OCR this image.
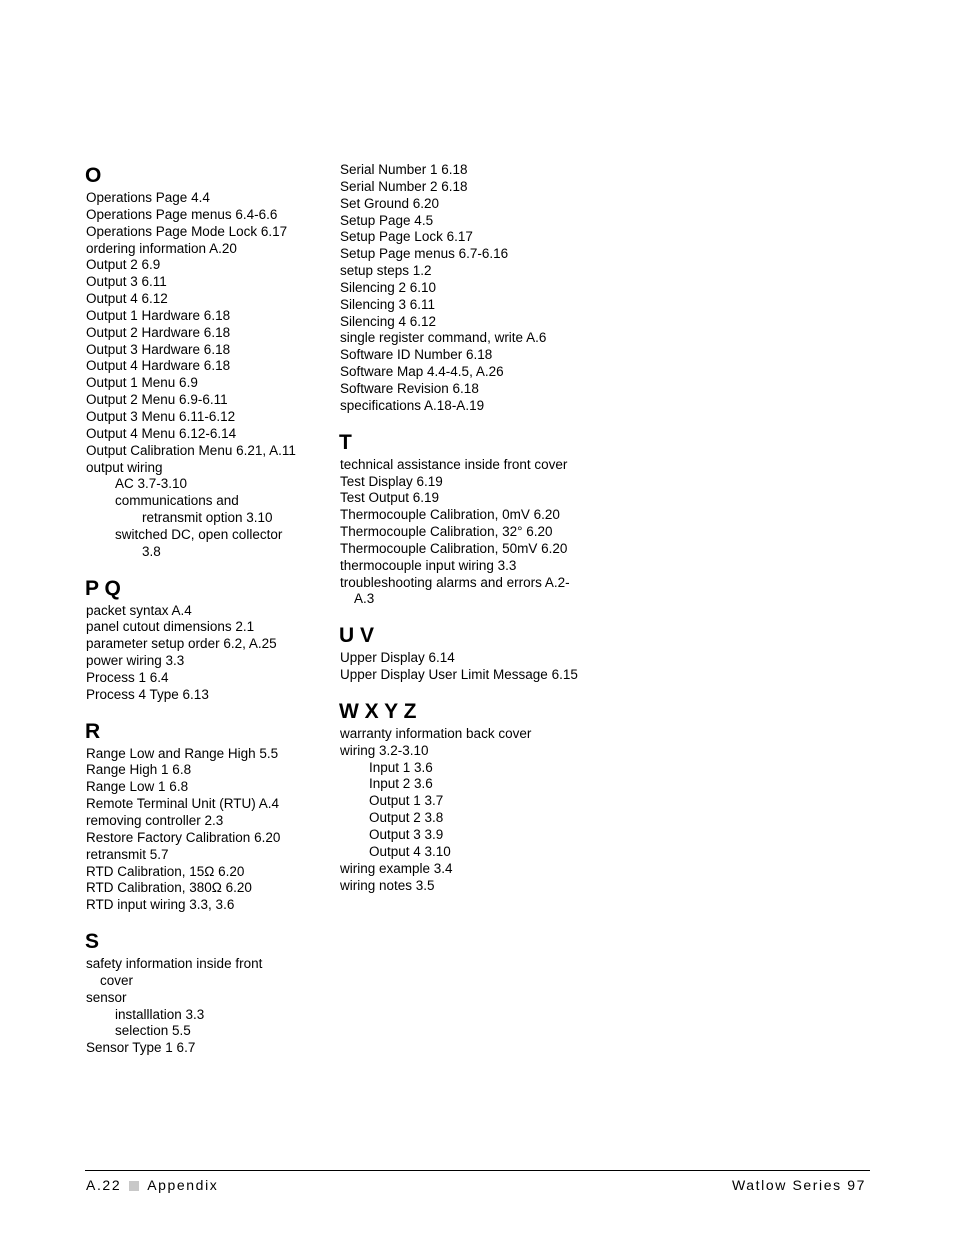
O
Operations Page 4.4
Operations Page menus 6.4-6.6
Operations Page Mode Lock 6.17
ordering information A.20
Output 2 6.9
Output 3 6.11
Output 4 6.12
Output 1 Hardware 6.18
Output 2 Hardware 6.18
Output 3 Hardware 6.18
Output 4 Hardware 6.18
Output 1 Menu 6.9
Output 2 Menu 6.9-6.11
Output 3 Menu 6.11-6.12
Output 4 Menu 6.12-6.14
Output Calibration Menu 6.21, A.11
output wiring
AC 3.7-3.10
communications and
retransmit option 3.10
switched DC, open collector
3.8
P Q
packet syntax A.4
panel cutout dimensions 2.1
parameter setup order 6.2, A.25
power wiring 3.3
Process 1 6.4
Process 4 Type 6.13
R
Range Low and Range High 5.5
Range High 1 6.8
Range Low 1 6.8
Remote Terminal Unit (RTU) A.4
removing controller 2.3
Restore Factory Calibration 6.20
retransmit 5.7
RTD Calibration, 15Ω 6.20
RTD Calibration, 380Ω 6.20
RTD input wiring 3.3, 3.6
S
safety information inside front
cover
sensor
installlation 3.3
selection 5.5
Sensor Type 1 6.7
Serial Number 1 6.18
Serial Number 2 6.18
Set Ground 6.20
Setup Page 4.5
Setup Page Lock 6.17
Setup Page menus 6.7-6.16
setup steps 1.2
Silencing 2 6.10
Silencing 3 6.11
Silencing 4 6.12
single register command, write A.6
Software ID Number 6.18
Software Map 4.4-4.5, A.26
Software Revision 6.18
specifications A.18-A.19
T
technical assistance inside front cover
Test Display 6.19
Test Output 6.19
Thermocouple Calibration, 0mV 6.20
Thermocouple Calibration, 32° 6.20
Thermocouple Calibration, 50mV 6.20
thermocouple input wiring 3.3
troubleshooting alarms and errors A.2-
A.3
U V
Upper Display 6.14
Upper Display User Limit Message 6.15
W X Y Z
warranty information back cover
wiring 3.2-3.10
Input 1 3.6
Input 2 3.6
Output 1 3.7
Output 2 3.8
Output 3 3.9
Output 4 3.10
wiring example 3.4
wiring notes 3.5
A.22 Appendix	Watlow Series 97
